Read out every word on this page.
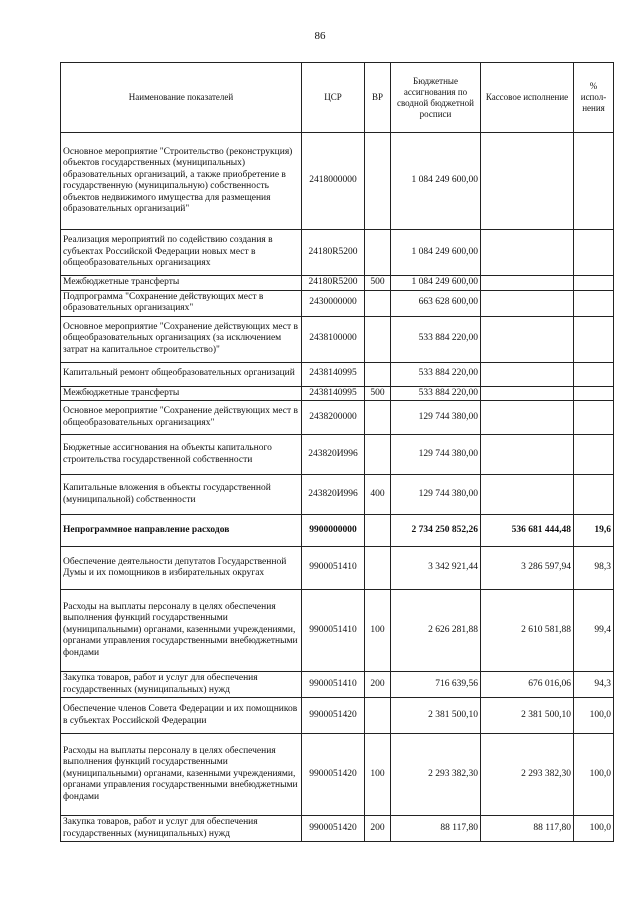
86
Наименование показателей	ЦСР	ВР	Бюджетные ассигнования по сводной бюджетной росписи	Кассовое исполнение	% испол-нения
Основное мероприятие "Строительство (реконструкция) объектов государственных (муниципальных) образовательных организаций, а также приобретение в государственную (муниципальную) собственность объектов недвижимого имущества для размещения образовательных организаций"	2418000000		1 084 249 600,00		
Реализация мероприятий по содействию создания в субъектах Российской Федерации новых мест в общеобразовательных организациях	24180R5200		1 084 249 600,00		
Межбюджетные трансферты	24180R5200	500	1 084 249 600,00		
Подпрограмма "Сохранение действующих мест в образовательных организациях"	2430000000		663 628 600,00		
Основное мероприятие "Сохранение действующих мест в общеобразовательных организациях (за исключением затрат на капитальное строительство)"	2438100000		533 884 220,00		
Капитальный ремонт общеобразовательных организаций	2438140995		533 884 220,00		
Межбюджетные трансферты	2438140995	500	533 884 220,00		
Основное мероприятие "Сохранение действующих мест в общеобразовательных организациях"	2438200000		129 744 380,00		
Бюджетные ассигнования на объекты капитального строительства государственной собственности	243820И996		129 744 380,00		
Капитальные вложения в объекты государственной (муниципальной) собственности	243820И996	400	129 744 380,00		
Непрограммное направление расходов	9900000000		2 734 250 852,26	536 681 444,48	19,6
Обеспечение деятельности депутатов Государственной Думы и их помощников в избирательных округах	9900051410		3 342 921,44	3 286 597,94	98,3
Расходы на выплаты персоналу в целях обеспечения выполнения функций государственными (муниципальными) органами, казенными учреждениями, органами управления государственными внебюджетными фондами	9900051410	100	2 626 281,88	2 610 581,88	99,4
Закупка товаров, работ и услуг для обеспечения государственных (муниципальных) нужд	9900051410	200	716 639,56	676 016,06	94,3
Обеспечение членов Совета Федерации и их помощников в субъектах Российской Федерации	9900051420		2 381 500,10	2 381 500,10	100,0
Расходы на выплаты персоналу в целях обеспечения выполнения функций государственными (муниципальными) органами, казенными учреждениями, органами управления государственными внебюджетными фондами	9900051420	100	2 293 382,30	2 293 382,30	100,0
Закупка товаров, работ и услуг для обеспечения государственных (муниципальных) нужд	9900051420	200	88 117,80	88 117,80	100,0
